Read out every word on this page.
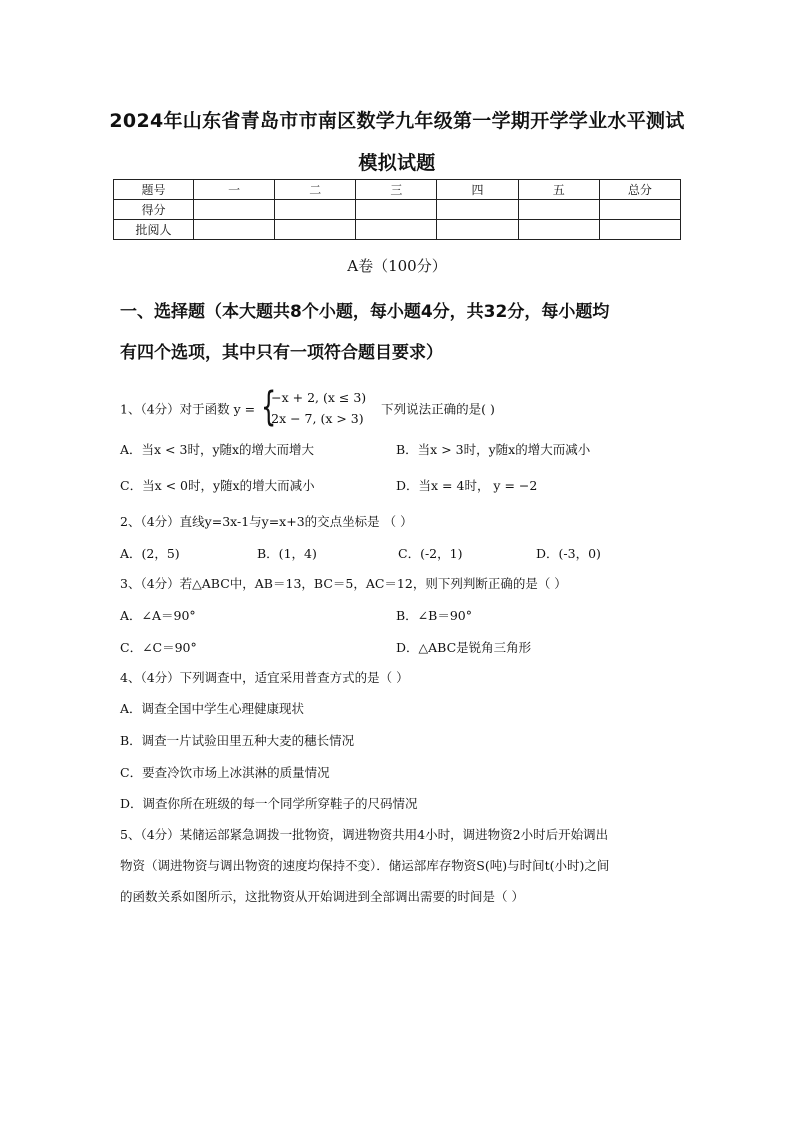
2024年山东省青岛市市南区数学九年级第一学期开学学业水平测试
模拟试题
题号	一	二	三	四	五	总分
得分						
批阅人						
A卷（100分）
一、选择题（本大题共8个小题，每小题4分，共32分，每小题均
有四个选项，其中只有一项符合题目要求）
1、（4分）对于函数 y = {
−x + 2, (x ≤ 3)
2x − 7, (x > 3)
下列说法正确的是( )
A．当x < 3时，y随x的增大而增大	B．当x > 3时，y随x的增大而减小
C．当x < 0时，y随x的增大而减小	D．当x = 4时， y = −2
2、（4分）直线y=3x-1与y=x+3的交点坐标是 （ ）
A．(2，5)	B．(1，4)	C．(-2，1)	D．(-3，0)
3、（4分）若△ABC中，AB＝13，BC＝5，AC＝12，则下列判断正确的是（ ）
A．∠A＝90°	B．∠B＝90°
C．∠C＝90°	D．△ABC是锐角三角形
4、（4分）下列调查中，适宜采用普查方式的是（ ）
A．调查全国中学生心理健康现状
B．调查一片试验田里五种大麦的穗长情况
C．要查冷饮市场上冰淇淋的质量情况
D．调查你所在班级的每一个同学所穿鞋子的尺码情况
5、（4分）某储运部紧急调拨一批物资，调进物资共用4小时，调进物资2小时后开始调出
物资（调进物资与调出物资的速度均保持不变）．储运部库存物资S(吨)与时间t(小时)之间
的函数关系如图所示，这批物资从开始调进到全部调出需要的时间是（ ）
